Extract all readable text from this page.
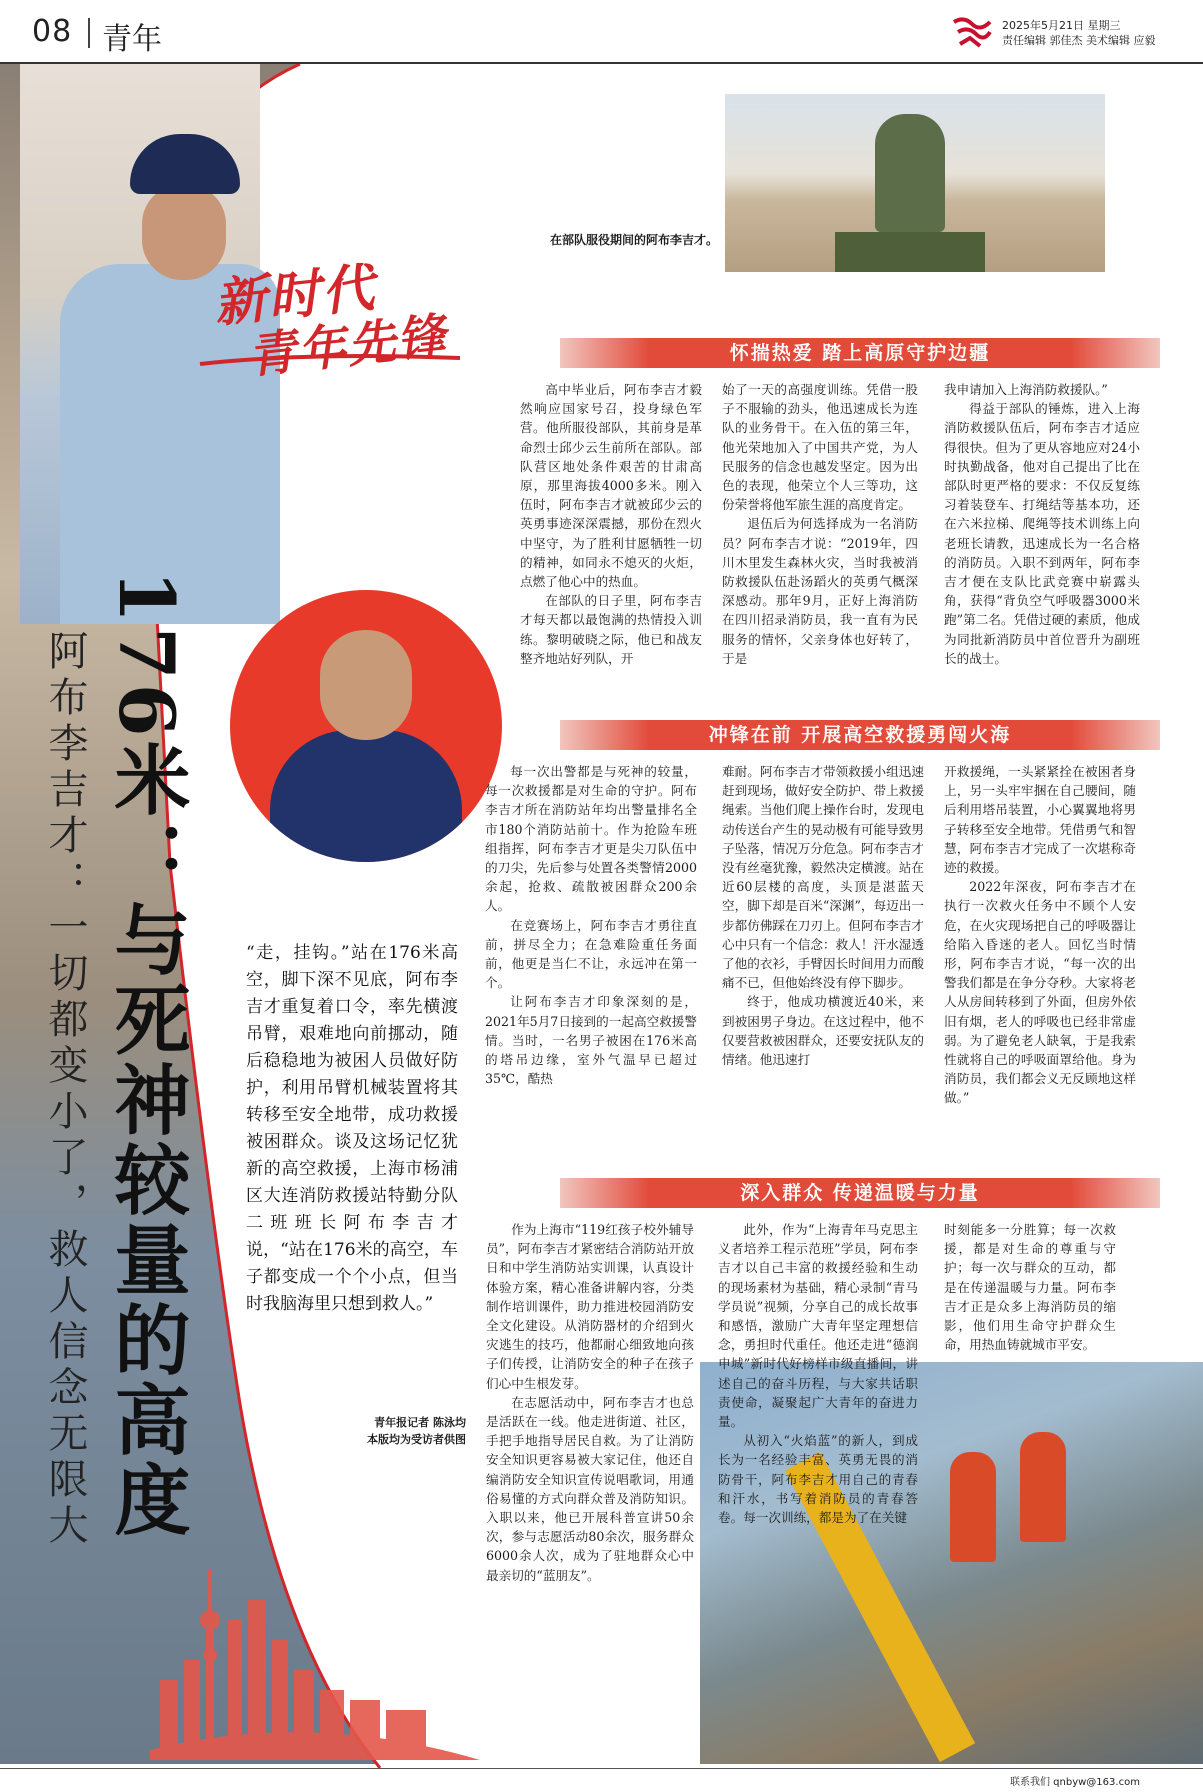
08 青年	2025年5月21日 星期三
责任编辑 郭佳杰 美术编辑 应毅
在部队服役期间的阿布李吉才。
新时代
青年先锋
176米：与死神较量的高度
阿布李吉才：一切都变小了，救人信念无限大	“走，挂钩。”站在176米高空，脚下深不见底，阿布李吉才重复着口令，率先横渡吊臂，艰难地向前挪动，随后稳稳地为被困人员做好防护，利用吊臂机械装置将其转移至安全地带，成功救援被困群众。谈及这场记忆犹新的高空救援，上海市杨浦区大连消防救援站特勤分队二班班长阿布李吉才说，“站在176米的高空，车子都变成一个个小点，但当时我脑海里只想到救人。”
青年报记者 陈泳均
本版均为受访者供图
怀揣热爱 踏上高原守护边疆

高中毕业后，阿布李吉才毅然响应国家号召，投身绿色军营。他所服役部队，其前身是革命烈士邱少云生前所在部队。部队营区地处条件艰苦的甘肃高原，那里海拔4000多米。刚入伍时，阿布李吉才就被邱少云的英勇事迹深深震撼，那份在烈火中坚守，为了胜利甘愿牺牲一切的精神，如同永不熄灭的火炬，点燃了他心中的热血。

在部队的日子里，阿布李吉才每天都以最饱满的热情投入训练。黎明破晓之际，他已和战友整齐地站好列队，开

始了一天的高强度训练。凭借一股子不服输的劲头，他迅速成长为连队的业务骨干。在入伍的第三年，他光荣地加入了中国共产党，为人民服务的信念也越发坚定。因为出色的表现，他荣立个人三等功，这份荣誉将他军旅生涯的高度肯定。

退伍后为何选择成为一名消防员？阿布李吉才说：“2019年，四川木里发生森林火灾，当时我被消防救援队伍赴汤蹈火的英勇气概深深感动。那年9月，正好上海消防在四川招录消防员，我一直有为民服务的情怀，父亲身体也好转了，于是

我申请加入上海消防救援队。”

得益于部队的锤炼，进入上海消防救援队伍后，阿布李吉才适应得很快。但为了更从容地应对24小时执勤战备，他对自己提出了比在部队时更严格的要求：不仅反复练习着装登车、打绳结等基本功，还在六米拉梯、爬绳等技术训练上向老班长请教，迅速成长为一名合格的消防员。入职不到两年，阿布李吉才便在支队比武竞赛中崭露头角，获得“背负空气呼吸器3000米跑”第二名。凭借过硬的素质，他成为同批新消防员中首位晋升为副班长的战士。

冲锋在前 开展高空救援勇闯火海

每一次出警都是与死神的较量，每一次救援都是对生命的守护。阿布李吉才所在消防站年均出警量排名全市180个消防站前十。作为抢险车班组指挥，阿布李吉才更是尖刀队伍中的刀尖，先后参与处置各类警情2000余起，抢救、疏散被困群众200余人。

在竞赛场上，阿布李吉才勇往直前，拼尽全力；在急难险重任务面前，他更是当仁不让，永远冲在第一个。

让阿布李吉才印象深刻的是，2021年5月7日接到的一起高空救援警情。当时，一名男子被困在176米高的塔吊边缘，室外气温早已超过35℃，酷热

难耐。阿布李吉才带领救援小组迅速赶到现场，做好安全防护、带上救援绳索。当他们爬上操作台时，发现电动传送台产生的晃动极有可能导致男子坠落，情况万分危急。阿布李吉才没有丝毫犹豫，毅然决定横渡。站在近60层楼的高度，头顶是湛蓝天空，脚下却是百米“深渊”，每迈出一步都仿佛踩在刀刃上。但阿布李吉才心中只有一个信念：救人！汗水湿透了他的衣衫，手臂因长时间用力而酸痛不已，但他始终没有停下脚步。

终于，他成功横渡近40米，来到被困男子身边。在这过程中，他不仅要营救被困群众，还要安抚队友的情绪。他迅速打

开救援绳，一头紧紧拴在被困者身上，另一头牢牢捆在自己腰间，随后利用塔吊装置，小心翼翼地将男子转移至安全地带。凭借勇气和智慧，阿布李吉才完成了一次堪称奇迹的救援。

2022年深夜，阿布李吉才在执行一次救火任务中不顾个人安危，在火灾现场把自己的呼吸器让给陷入昏迷的老人。回忆当时情形，阿布李吉才说，“每一次的出警我们都是在争分夺秒。大家将老人从房间转移到了外面，但房外依旧有烟，老人的呼吸也已经非常虚弱。为了避免老人缺氧，于是我索性就将自己的呼吸面罩给他。身为消防员，我们都会义无反顾地这样做。”

深入群众 传递温暖与力量

作为上海市“119红孩子校外辅导员”，阿布李吉才紧密结合消防站开放日和中学生消防站实训课，认真设计体验方案，精心准备讲解内容，分类制作培训课件，助力推进校园消防安全文化建设。从消防器材的介绍到火灾逃生的技巧，他都耐心细致地向孩子们传授，让消防安全的种子在孩子们心中生根发芽。

在志愿活动中，阿布李吉才也总是活跃在一线。他走进街道、社区，手把手地指导居民自救。为了让消防安全知识更容易被大家记住，他还自编消防安全知识宣传说唱歌词，用通俗易懂的方式向群众普及消防知识。入职以来，他已开展科普宣讲50余次，参与志愿活动80余次，服务群众6000余人次，成为了驻地群众心中最亲切的“蓝朋友”。

此外，作为“上海青年马克思主义者培养工程示范班”学员，阿布李吉才以自己丰富的救援经验和生动的现场素材为基础，精心录制“青马学员说”视频，分享自己的成长故事和感悟，激励广大青年坚定理想信念，勇担时代重任。他还走进“德润申城”新时代好榜样市级直播间，讲述自己的奋斗历程，与大家共话职责使命，凝聚起广大青年的奋进力量。

从初入“火焰蓝”的新人，到成长为一名经验丰富、英勇无畏的消防骨干，阿布李吉才用自己的青春和汗水，书写着消防员的青春答卷。每一次训练，都是为了在关键

时刻能多一分胜算；每一次救援，都是对生命的尊重与守护；每一次与群众的互动，都是在传递温暖与力量。阿布李吉才正是众多上海消防员的缩影，他们用生命守护群众生命，用热血铸就城市平安。

联系我们 qnbyw@163.com
